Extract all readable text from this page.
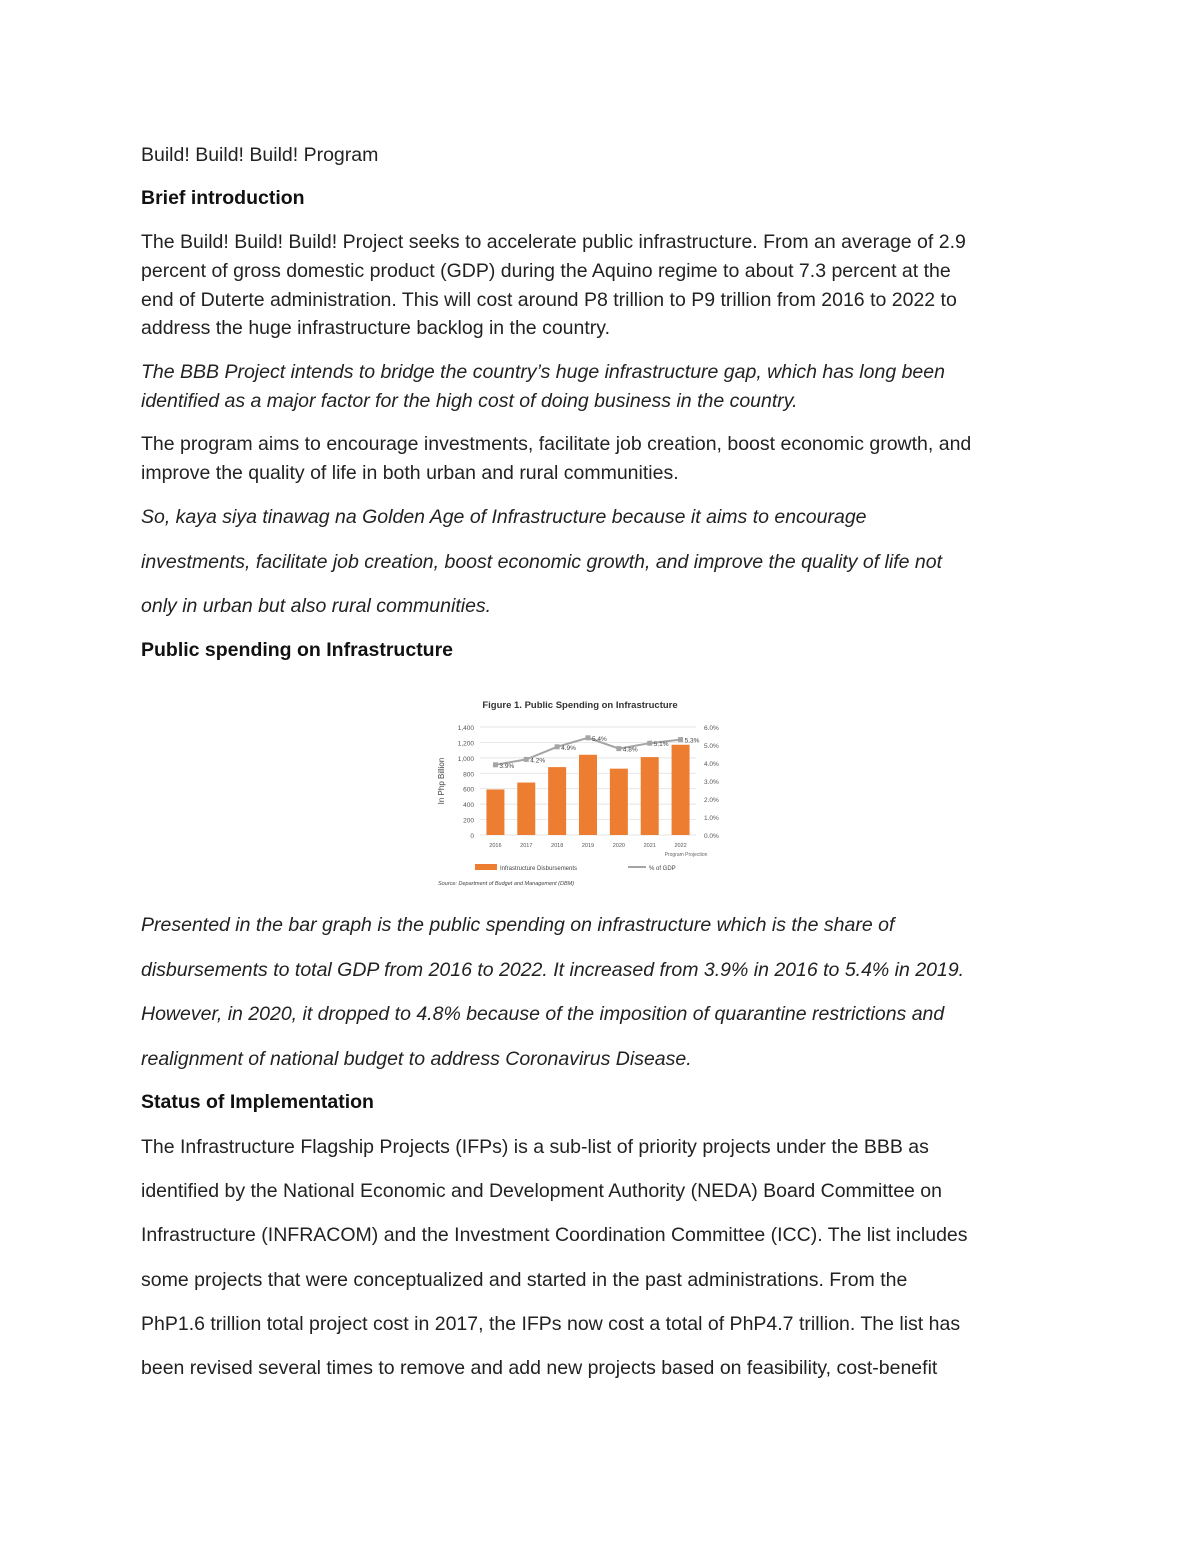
Build! Build! Build! Program
Brief introduction
The Build! Build! Build! Project seeks to accelerate public infrastructure. From an average of 2.9
percent of gross domestic product (GDP) during the Aquino regime to about 7.3 percent at the
end of Duterte administration. This will cost around P8 trillion to P9 trillion from 2016 to 2022 to
address the huge infrastructure backlog in the country.
The BBB Project intends to bridge the country’s huge infrastructure gap, which has long been
identified as a major factor for the high cost of doing business in the country.
The program aims to encourage investments, facilitate job creation, boost economic growth, and
improve the quality of life in both urban and rural communities.
So, kaya siya tinawag na Golden Age of Infrastructure because it aims to encourage
investments, facilitate job creation, boost economic growth, and improve the quality of life not
only in urban but also rural communities.
Public spending on Infrastructure
Figure 1. Public Spending on Infrastructure
0
200
400
600
800
1,000
1,200
1,400
0.0%
1.0%
2.0%
3.0%
4.0%
5.0%
6.0%
In Php Billion
2016	2017	2018	2019	2020	2021	2022
3.9%
4.2%
4.9%
5.4%
4.8%
5.1%
5.3%
Program Projection
Infrastructure Disbursements	% of GDP
Source: Department of Budget and Management (DBM)
Presented in the bar graph is the public spending on infrastructure which is the share of
disbursements to total GDP from 2016 to 2022. It increased from 3.9% in 2016 to 5.4% in 2019.
However, in 2020, it dropped to 4.8% because of the imposition of quarantine restrictions and
realignment of national budget to address Coronavirus Disease.
Status of Implementation
The Infrastructure Flagship Projects (IFPs) is a sub-list of priority projects under the BBB as
identified by the National Economic and Development Authority (NEDA) Board Committee on
Infrastructure (INFRACOM) and the Investment Coordination Committee (ICC). The list includes
some projects that were conceptualized and started in the past administrations. From the
PhP1.6 trillion total project cost in 2017, the IFPs now cost a total of PhP4.7 trillion. The list has
been revised several times to remove and add new projects based on feasibility, cost-benefit
